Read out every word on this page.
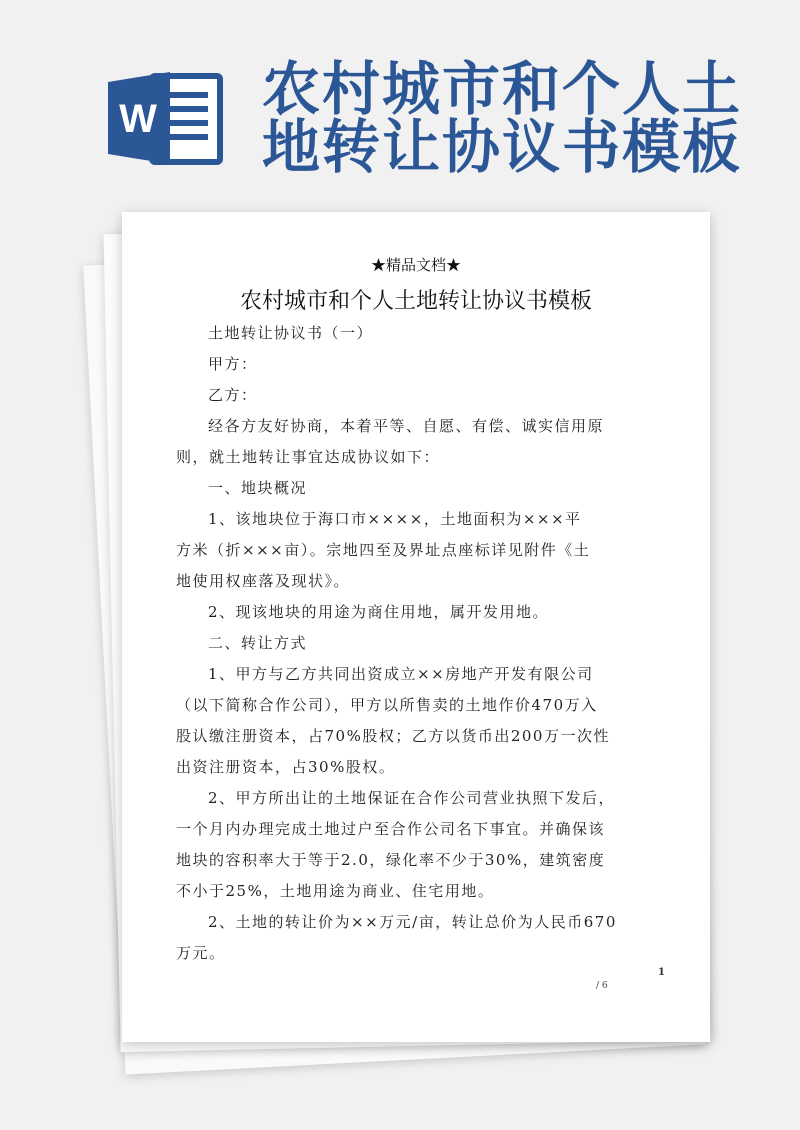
W 农村城市和个人土
地转让协议书模板
★精品文档★
农村城市和个人土地转让协议书模板

土地转让协议书（一）

甲方：

乙方：

经各方友好协商，本着平等、自愿、有偿、诚实信用原

则，就土地转让事宜达成协议如下：

一、地块概况

1、该地块位于海口市××××，土地面积为×××平

方米（折×××亩）。宗地四至及界址点座标详见附件《土

地使用权座落及现状》。

2、现该地块的用途为商住用地，属开发用地。

二、转让方式

1、甲方与乙方共同出资成立××房地产开发有限公司

（以下简称合作公司），甲方以所售卖的土地作价470万入

股认缴注册资本，占70%股权；乙方以货币出200万一次性

出资注册资本，占30%股权。

2、甲方所出让的土地保证在合作公司营业执照下发后，

一个月内办理完成土地过户至合作公司名下事宜。并确保该

地块的容积率大于等于2.0，绿化率不少于30%，建筑密度

不小于25%，土地用途为商业、住宅用地。

2、土地的转让价为××万元/亩，转让总价为人民币670

万元。

/ 6
1
